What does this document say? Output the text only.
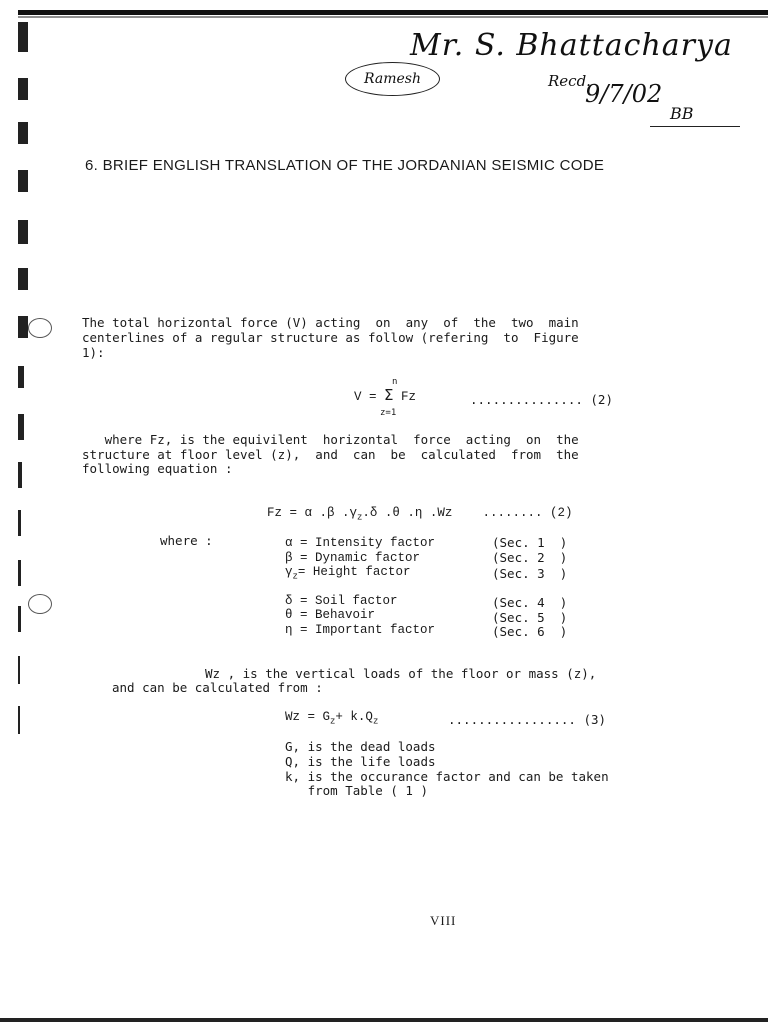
Mr. S. Bhattacharya
Ramesh	Recd.
9/7/02
BB
6. BRIEF ENGLISH TRANSLATION OF THE JORDANIAN SEISMIC CODE
The total horizontal force (V) acting  on  any  of  the  two  main
centerlines of a regular structure as follow (refering  to  Figure
1):
n
V = Σ Fz	............... (2)
z=1
where Fz, is the equivilent  horizontal  force  acting  on  the
structure at floor level (z),  and  can  be  calculated  from  the
following equation :
Fz = α .β $.\gamma_z.\delta$ .θ .η .Wz    ........ (2)
where :	α = Intensity factor	(Sec. 1  )
β = Dynamic factor	(Sec. 2  )
$\gamma_z=$ Height factor	(Sec. 3  )
δ = Soil factor	(Sec. 4  )
θ = Behavoir	(Sec. 5  )
η = Important factor	(Sec. 6  )
Wz , is the vertical loads of the floor or mass (z),
and can be calculated from :
$Wz = G_z+ k.Q_z$	................. (3)
G, is the dead loads
Q, is the life loads
k, is the occurance factor and can be taken
from Table ( 1 )
VIII
